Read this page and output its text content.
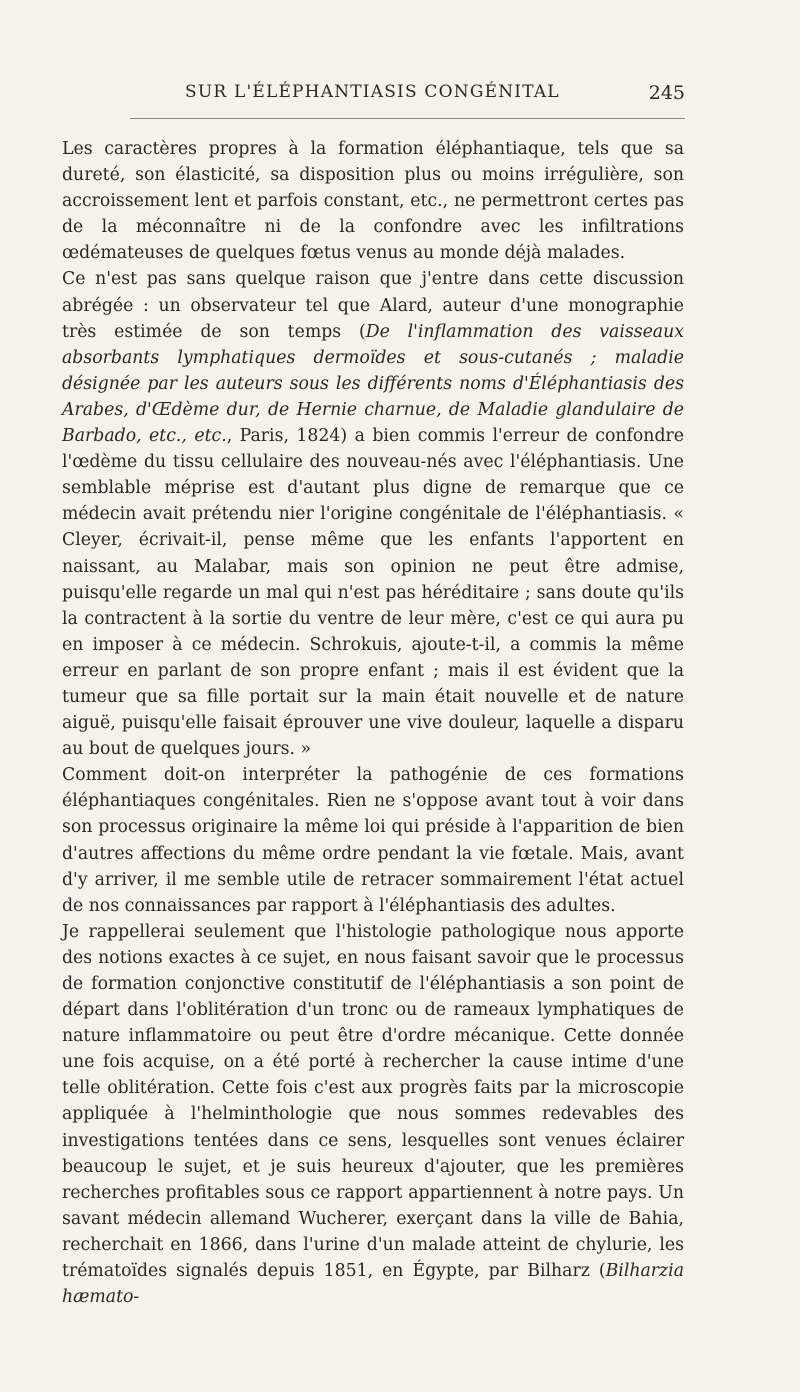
SUR L'ÉLÉPHANTIASIS CONGÉNITAL	245

Les caractères propres à la formation éléphantiaque, tels que sa dureté, son élasticité, sa disposition plus ou moins irrégulière, son accroissement lent et parfois constant, etc., ne permettront certes pas de la méconnaître ni de la confondre avec les infiltrations œdémateuses de quelques fœtus venus au monde déjà malades.

Ce n'est pas sans quelque raison que j'entre dans cette discussion abrégée : un observateur tel que Alard, auteur d'une monographie très estimée de son temps (De l'inflammation des vaisseaux absorbants lymphatiques dermoïdes et sous-cutanés ; maladie désignée par les auteurs sous les différents noms d'Éléphantiasis des Arabes, d'Œdème dur, de Hernie charnue, de Maladie glandulaire de Barbado, etc., etc., Paris, 1824) a bien commis l'erreur de confondre l'œdème du tissu cellulaire des nouveau-nés avec l'éléphantiasis. Une semblable méprise est d'autant plus digne de remarque que ce médecin avait prétendu nier l'origine congénitale de l'éléphantiasis. « Cleyer, écrivait-il, pense même que les enfants l'apportent en naissant, au Malabar, mais son opinion ne peut être admise, puisqu'elle regarde un mal qui n'est pas héréditaire ; sans doute qu'ils la contractent à la sortie du ventre de leur mère, c'est ce qui aura pu en imposer à ce médecin. Schrokuis, ajoute-t-il, a commis la même erreur en parlant de son propre enfant ; mais il est évident que la tumeur que sa fille portait sur la main était nouvelle et de nature aiguë, puisqu'elle faisait éprouver une vive douleur, laquelle a disparu au bout de quelques jours. »

Comment doit-on interpréter la pathogénie de ces formations éléphantiaques congénitales. Rien ne s'oppose avant tout à voir dans son processus originaire la même loi qui préside à l'apparition de bien d'autres affections du même ordre pendant la vie fœtale. Mais, avant d'y arriver, il me semble utile de retracer sommairement l'état actuel de nos connaissances par rapport à l'éléphantiasis des adultes.

Je rappellerai seulement que l'histologie pathologique nous apporte des notions exactes à ce sujet, en nous faisant savoir que le processus de formation conjonctive constitutif de l'éléphantiasis a son point de départ dans l'oblitération d'un tronc ou de rameaux lymphatiques de nature inflammatoire ou peut être d'ordre mécanique. Cette donnée une fois acquise, on a été porté à rechercher la cause intime d'une telle oblitération. Cette fois c'est aux progrès faits par la microscopie appliquée à l'helminthologie que nous sommes redevables des investigations tentées dans ce sens, lesquelles sont venues éclairer beaucoup le sujet, et je suis heureux d'ajouter, que les premières recherches profitables sous ce rapport appartiennent à notre pays. Un savant médecin allemand Wucherer, exerçant dans la ville de Bahia, recherchait en 1866, dans l'urine d'un malade atteint de chylurie, les trématoïdes signalés depuis 1851, en Égypte, par Bilharz (Bilharzia hæmato-
